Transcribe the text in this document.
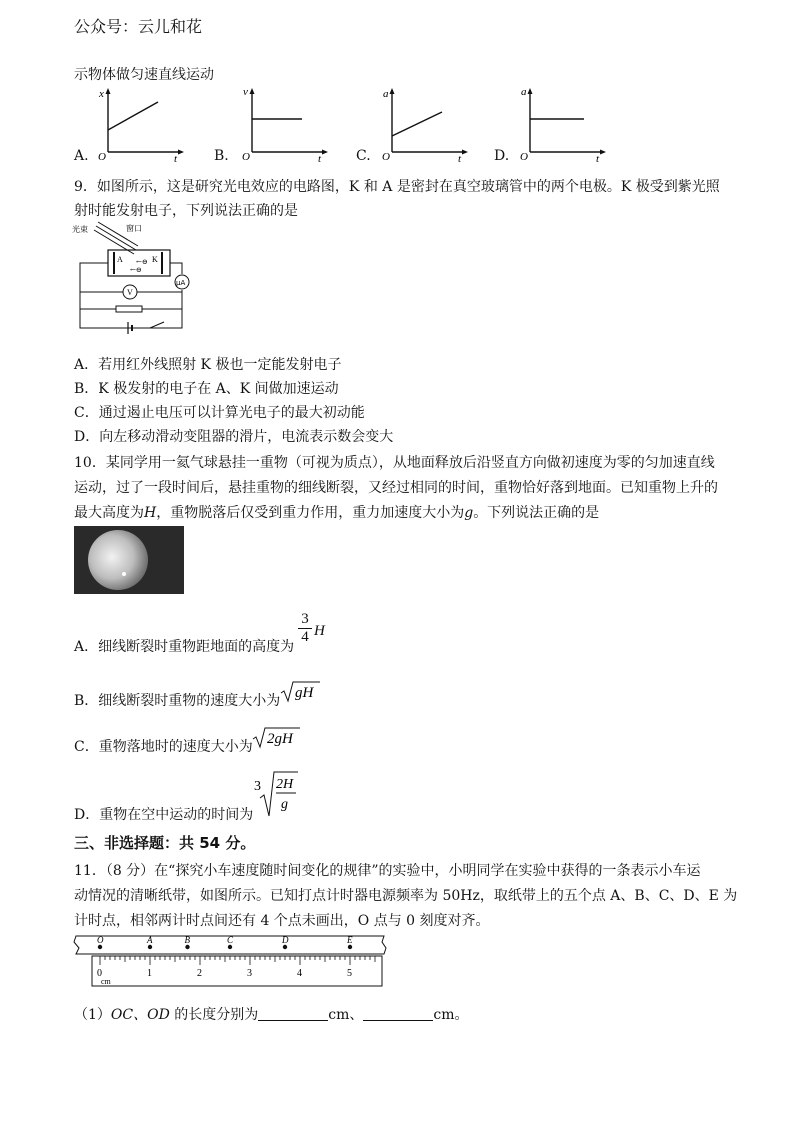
公众号：云儿和花
示物体做匀速直线运动
A.	B.	C.	D.
x
O	t
v
O	t
a
O	t
a
O	t
9．如图所示，这是研究光电效应的电路图，K 和 A 是密封在真空玻璃管中的两个电极。K 极受到紫光照
射时能发射电子，下列说法正确的是
光束	窗口
A	K
←⊖
←⊖
μA
V
A．若用红外线照射 K 极也一定能发射电子
B．K 极发射的电子在 A、K 间做加速运动
C．通过遏止电压可以计算光电子的最大初动能
D．向左移动滑动变阻器的滑片，电流表示数会变大
10．某同学用一氦气球悬挂一重物（可视为质点），从地面释放后沿竖直方向做初速度为零的匀加速直线
运动，过了一段时间后，悬挂重物的细线断裂，又经过相同的时间，重物恰好落到地面。已知重物上升的
最大高度为H，重物脱落后仅受到重力作用，重力加速度大小为g。下列说法正确的是
A．细线断裂时重物距地面的高度为
3
4 H
B．细线断裂时重物的速度大小为 gH
C．重物落地时的速度大小为 2gH
D．重物在空中运动的时间为
3 2H
g
三、非选择题：共 54 分。
11．（8 分）在“探究小车速度随时间变化的规律”的实验中，小明同学在实验中获得的一条表示小车运
动情况的清晰纸带，如图所示。已知打点计时器电源频率为 50Hz，取纸带上的五个点 A、B、C、D、E 为
计时点，相邻两计时点间还有 4 个点未画出，O 点与 0 刻度对齐。
O	A	B	C	D	E
0	1	2	3	4	5
cm
（1）OC、OD 的长度分别为	cm、	cm。
